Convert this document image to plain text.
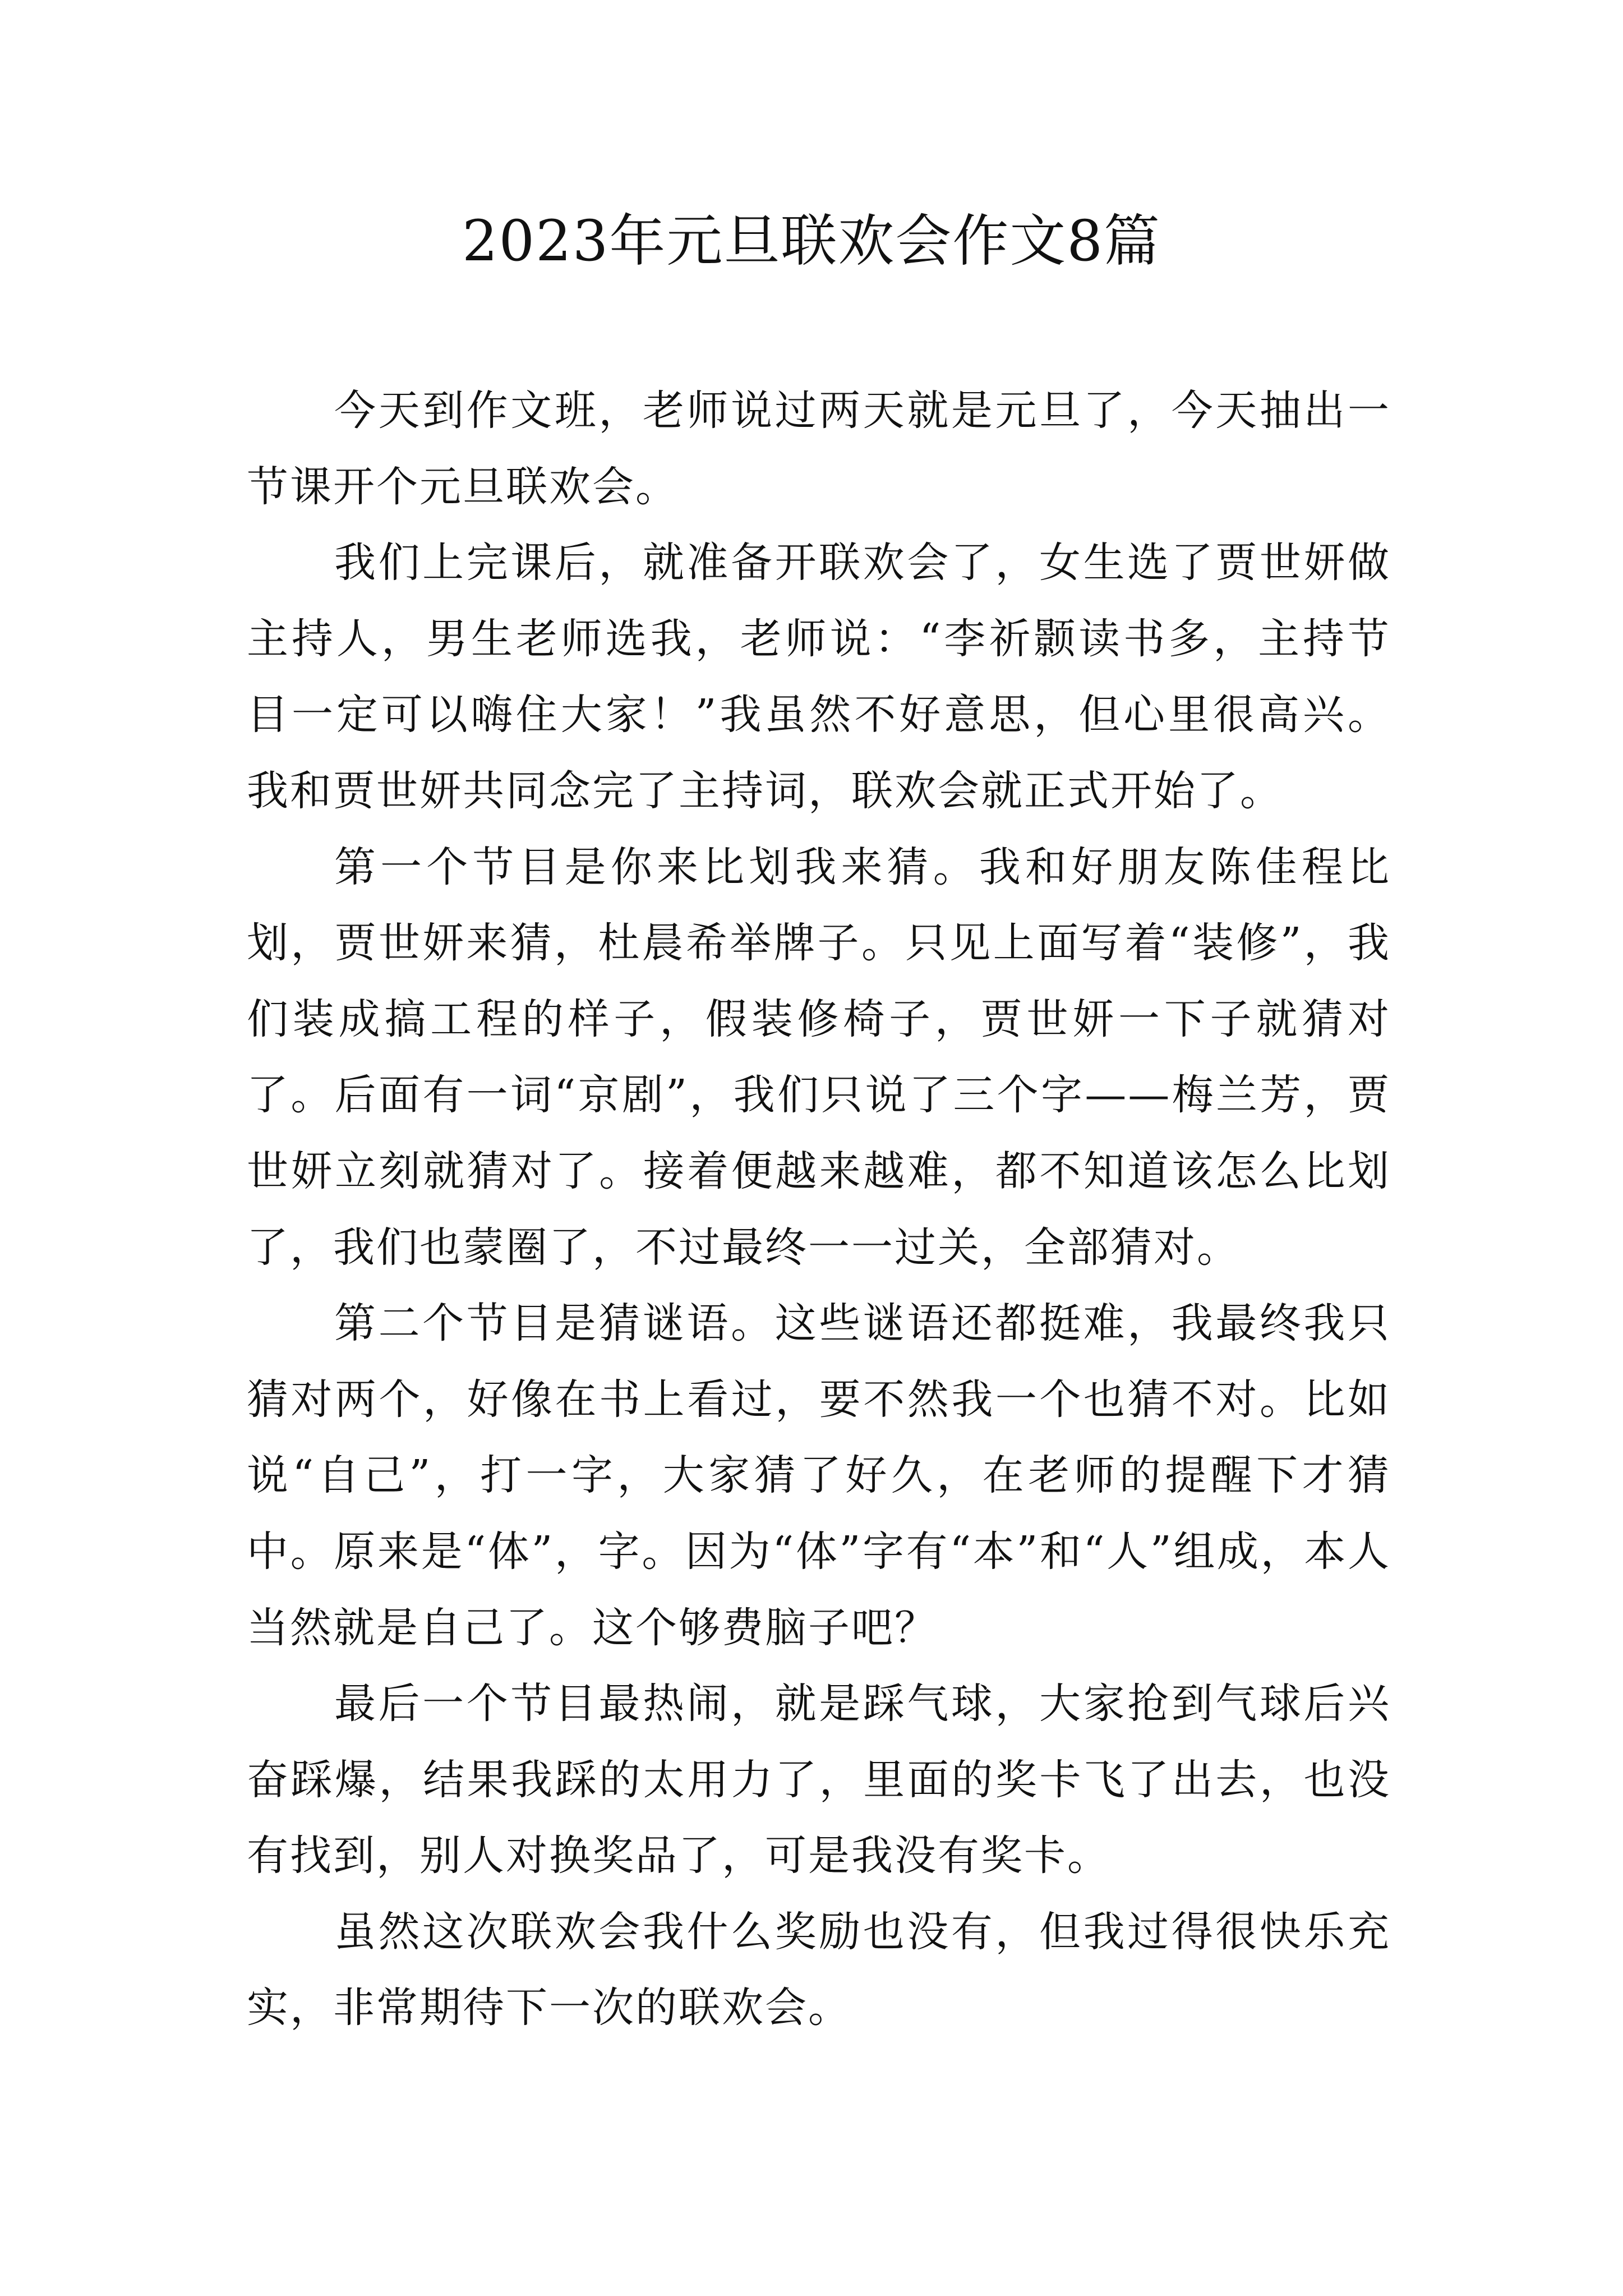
2023年元旦联欢会作文8篇

今天到作文班，老师说过两天就是元旦了，今天抽出一节课开个元旦联欢会。

我们上完课后，就准备开联欢会了，女生选了贾世妍做主持人，男生老师选我，老师说：“李祈颢读书多，主持节目一定可以嗨住大家！”我虽然不好意思，但心里很高兴。我和贾世妍共同念完了主持词，联欢会就正式开始了。

第一个节目是你来比划我来猜。我和好朋友陈佳程比划，贾世妍来猜，杜晨希举牌子。只见上面写着“装修”，我们装成搞工程的样子，假装修椅子，贾世妍一下子就猜对了。后面有一词“京剧”，我们只说了三个字——梅兰芳，贾世妍立刻就猜对了。接着便越来越难，都不知道该怎么比划了，我们也蒙圈了，不过最终一一过关，全部猜对。

第二个节目是猜谜语。这些谜语还都挺难，我最终我只猜对两个，好像在书上看过，要不然我一个也猜不对。比如说“自己”，打一字，大家猜了好久，在老师的提醒下才猜中。原来是“体”，字。因为“体”字有“本”和“人”组成，本人当然就是自己了。这个够费脑子吧？

最后一个节目最热闹，就是踩气球，大家抢到气球后兴奋踩爆，结果我踩的太用力了，里面的奖卡飞了出去，也没有找到，别人对换奖品了，可是我没有奖卡。

虽然这次联欢会我什么奖励也没有，但我过得很快乐充实，非常期待下一次的联欢会。
